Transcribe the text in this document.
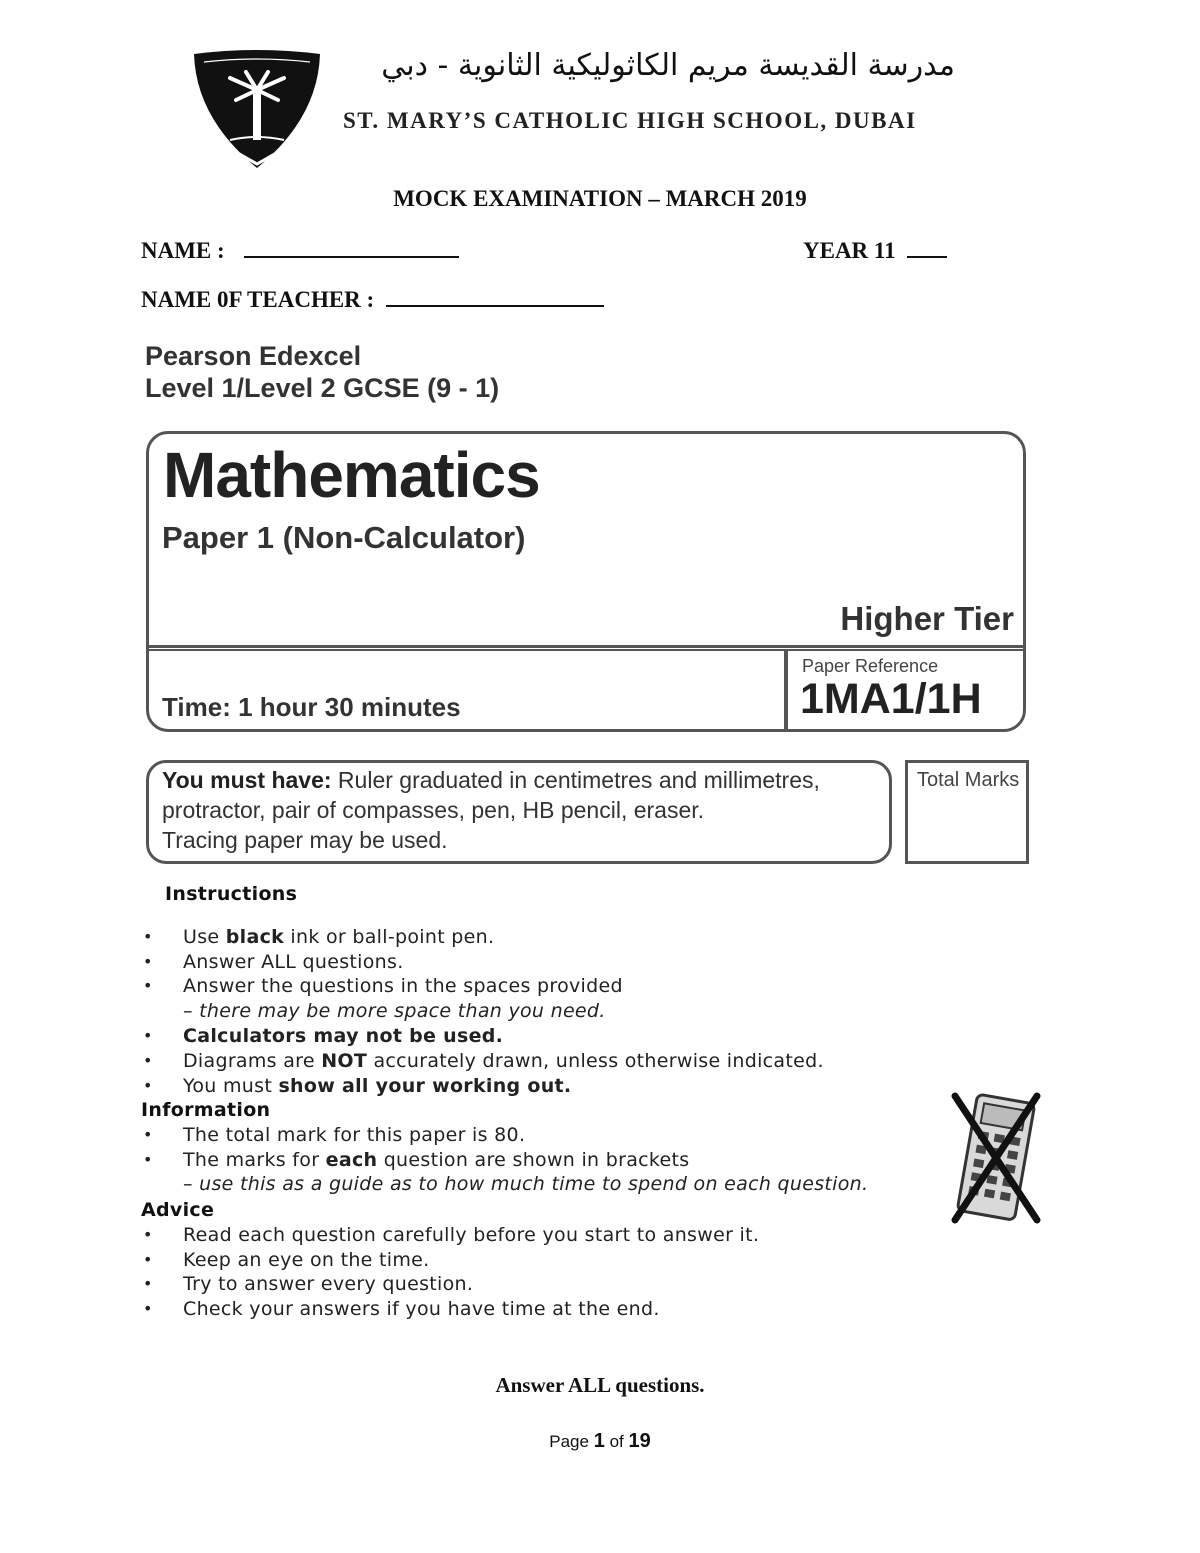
مدرسة القديسة مريم الكاثوليكية الثانوية - دبي
ST. MARY’S CATHOLIC HIGH SCHOOL, DUBAI
MOCK EXAMINATION – MARCH 2019
NAME :	YEAR 11
NAME 0F TEACHER :
Pearson Edexcel
Level 1/Level 2 GCSE (9 - 1)
Mathematics
Paper 1 (Non-Calculator)
Higher Tier
Time: 1 hour 30 minutes
Paper Reference
1MA1/1H
You must have: Ruler graduated in centimetres and millimetres, protractor, pair of compasses, pen, HB pencil, eraser.
Tracing paper may be used.
Total Marks
Instructions
• Use black ink or ball-point pen.
• Answer ALL questions.
• Answer the questions in the spaces provided
– there may be more space than you need.
• Calculators may not be used.
• Diagrams are NOT accurately drawn, unless otherwise indicated.
• You must show all your working out.
Information
• The total mark for this paper is 80.
• The marks for each question are shown in brackets
– use this as a guide as to how much time to spend on each question.
Advice
• Read each question carefully before you start to answer it.
• Keep an eye on the time.
• Try to answer every question.
• Check your answers if you have time at the end.
Answer ALL questions.
Page 1 of 19
